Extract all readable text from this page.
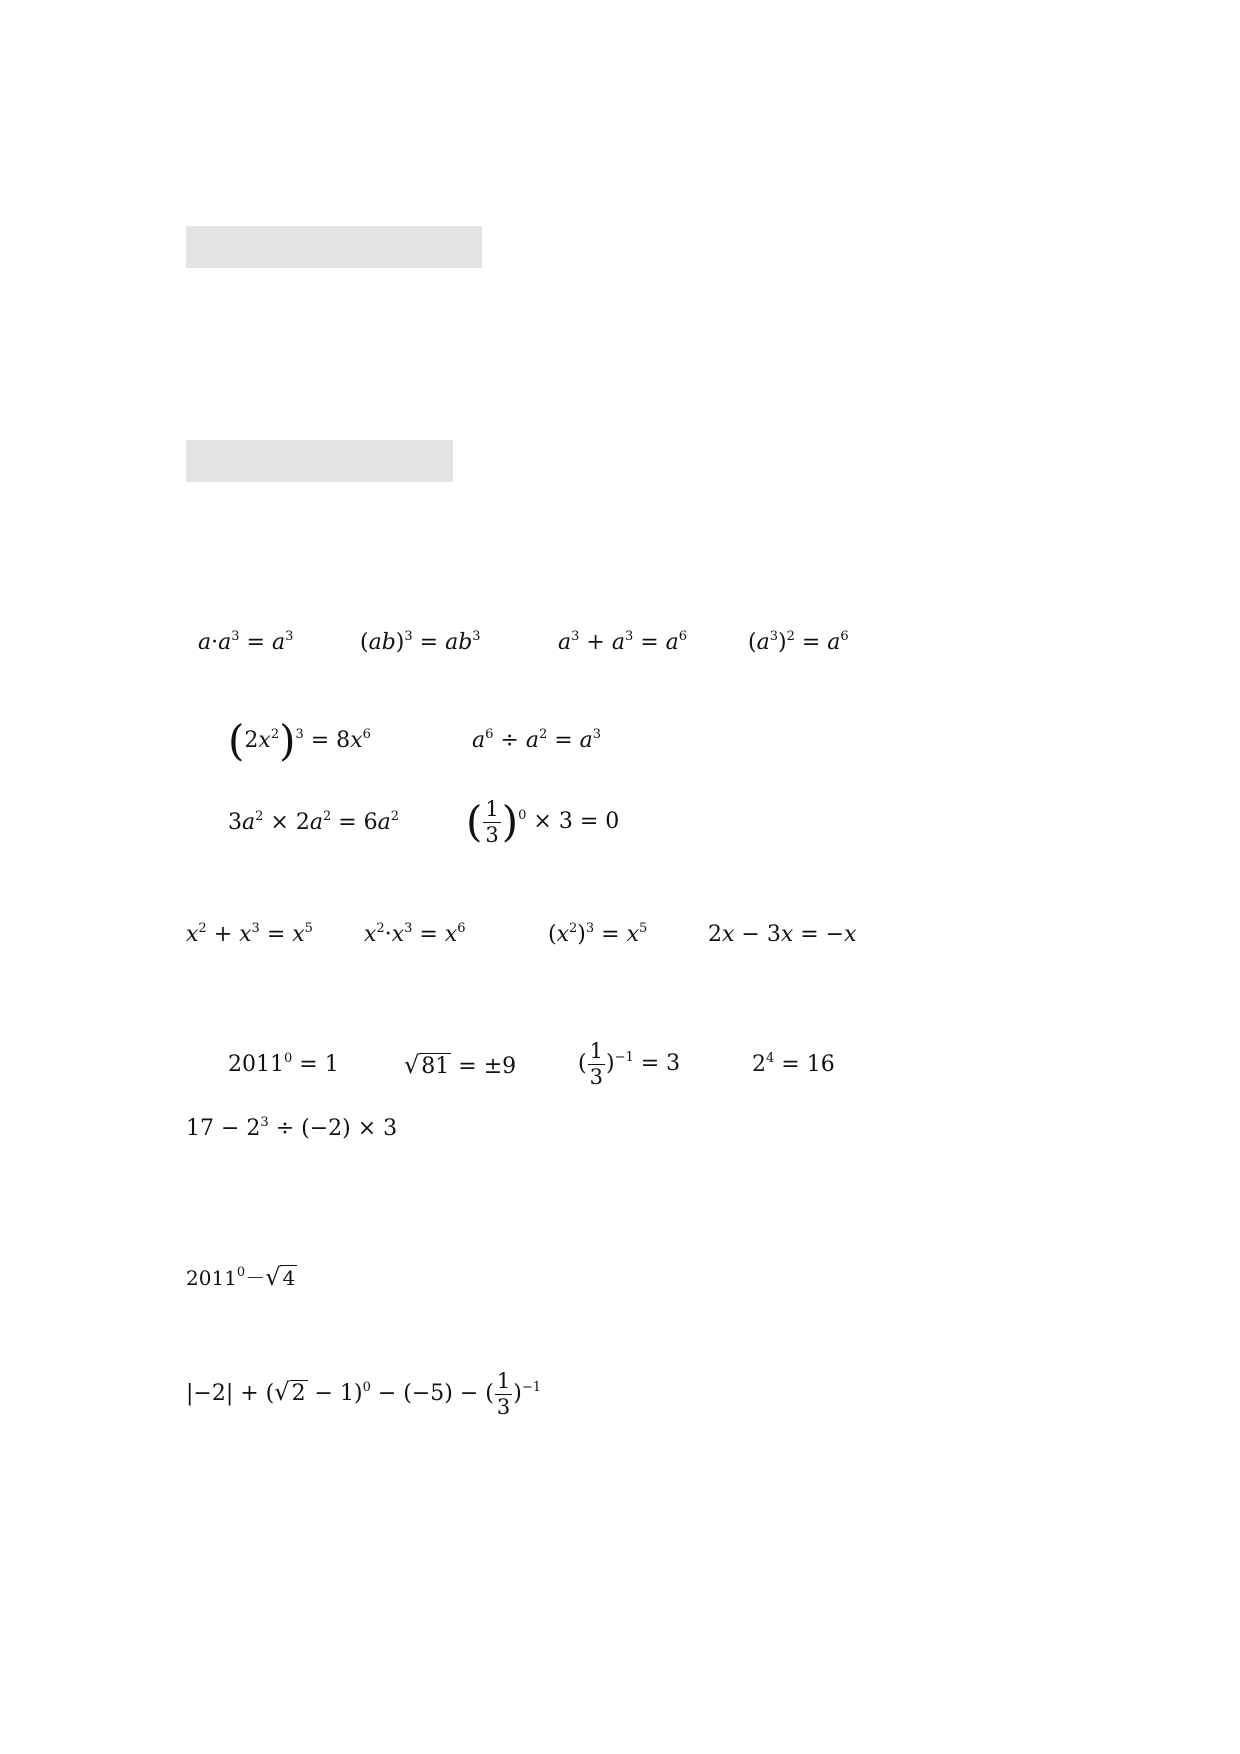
$a\cdot a^3 = a^3$	$(ab)^3 = ab^3$	$a^3 + a^3 = a^6$	$(a^3)^2 = a^6$
$(2x^2)^3 = 8x^6$	$a^6 \div a^2 = a^3$
$3a^2 \times 2a^2 = 6a^2$ ( $\frac{1}{3} )^0 \times 3 = 0$
$x^2 + x^3 = x^5$ $x^2\cdot x^3 = x^6$	$(x^2)^3 = x^5$	2x − 3x = −x
$2011^0 = 1$	√81 = ±9	( $\frac{1}{3} )^{-1} = 3$	$2^4 = 16$
$17 - 2^3 \div (-2) \times 3$
$2011^0-√$ 4
$|-2| + (√2 - 1)^0 - (-5)$ − ( $\frac{1}{3} )^{-1}$
